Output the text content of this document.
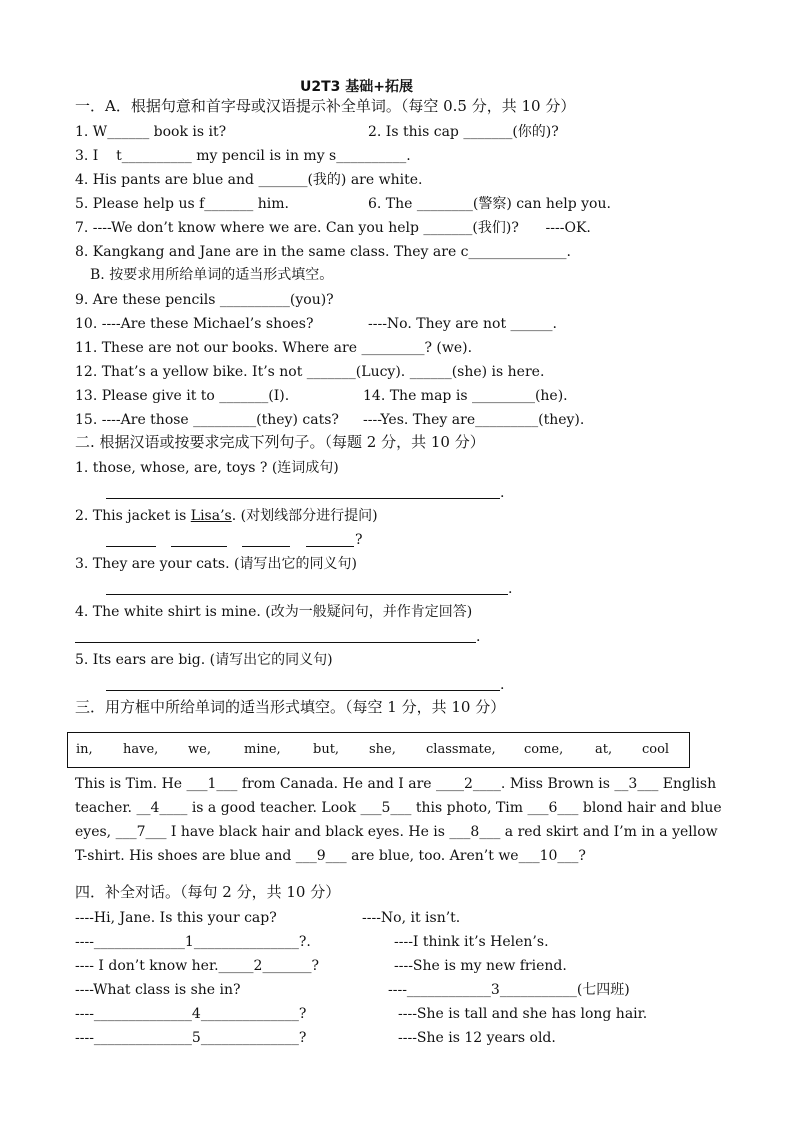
U2T3 基础+拓展
一．A．根据句意和首字母或汉语提示补全单词。（每空 0.5 分，共 10 分）
1. W______ book is it?	2. Is this cap _______(你的)?
3. I    t__________ my pencil is in my s__________.
4. His pants are blue and _______(我的) are white.
5. Please help us f_______ him.	6. The ________(警察) can help you.
7. ----We don’t know where we are. Can you help _______(我们)?      ----OK.
8. Kangkang and Jane are in the same class. They are c______________.
B. 按要求用所给单词的适当形式填空。
9. Are these pencils __________(you)?
10. ----Are these Michael’s shoes?	----No. They are not ______.
11. These are not our books. Where are _________? (we).
12. That’s a yellow bike. It’s not _______(Lucy). ______(she) is here.
13. Please give it to _______(I).	14. The map is _________(he).
15. ----Are those _________(they) cats? ----Yes. They are_________(they).
二. 根据汉语或按要求完成下列句子。（每题 2 分，共 10 分）
1. those, whose, are, toys ? (连词成句)
.
2. This jacket is Lisa’s. (对划线部分进行提问)
?
3. They are your cats. (请写出它的同义句)
.
4. The white shirt is mine. (改为一般疑问句，并作肯定回答)
.
5. Its ears are big. (请写出它的同义句)
.
三．用方框中所给单词的适当形式填空。（每空 1 分，共 10 分）
in, have, we,	mine, but, she, classmate, come, at, cool
This is Tim. He ___1___ from Canada. He and I are ____2____. Miss Brown is __3___ English
teacher. __4____ is a good teacher. Look ___5___ this photo, Tim ___6___ blond hair and blue
eyes, ___7___ I have black hair and black eyes. He is ___8___ a red skirt and I’m in a yellow
T-shirt. His shoes are blue and ___9___ are blue, too. Aren’t we___10___?
四．补全对话。（每句 2 分，共 10 分）
----Hi, Jane. Is this your cap?	----No, it isn’t.
----_____________1_______________?.	----I think it’s Helen’s.
---- I don’t know her._____2_______?	----She is my new friend.
----What class is she in?	----____________3___________(七四班)
----______________4______________?	----She is tall and she has long hair.
----______________5______________?	----She is 12 years old.
